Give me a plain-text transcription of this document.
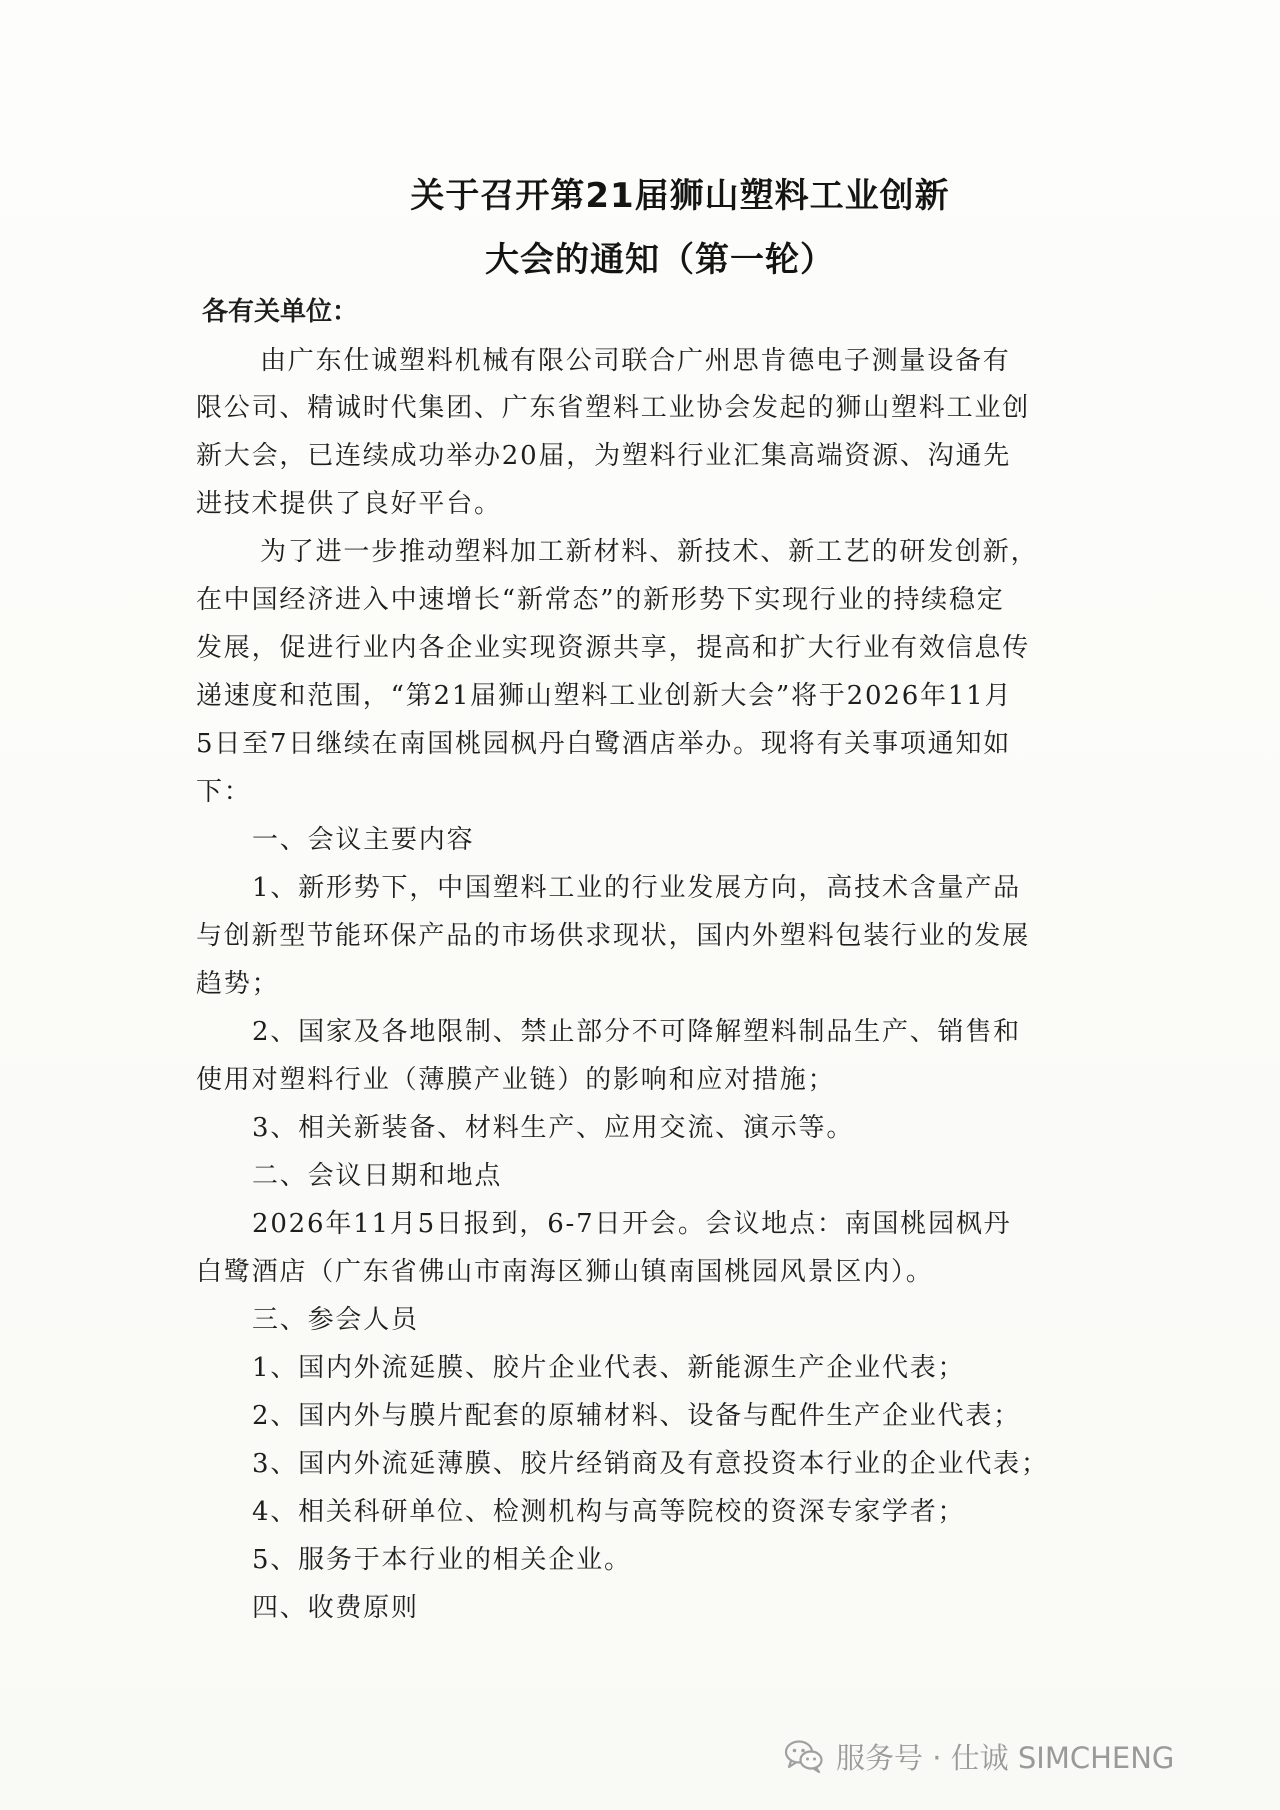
关于召开第21届狮山塑料工业创新
大会的通知（第一轮）
各有关单位：
由广东仕诚塑料机械有限公司联合广州思肯德电子测量设备有
限公司、精诚时代集团、广东省塑料工业协会发起的狮山塑料工业创
新大会，已连续成功举办20届，为塑料行业汇集高端资源、沟通先
进技术提供了良好平台。
为了进一步推动塑料加工新材料、新技术、新工艺的研发创新，
在中国经济进入中速增长“新常态”的新形势下实现行业的持续稳定
发展，促进行业内各企业实现资源共享，提高和扩大行业有效信息传
递速度和范围，“第21届狮山塑料工业创新大会”将于2026年11月
5日至7日继续在南国桃园枫丹白鹭酒店举办。现将有关事项通知如
下：
一、会议主要内容
1、新形势下，中国塑料工业的行业发展方向，高技术含量产品
与创新型节能环保产品的市场供求现状，国内外塑料包装行业的发展
趋势；
2、国家及各地限制、禁止部分不可降解塑料制品生产、销售和
使用对塑料行业（薄膜产业链）的影响和应对措施；
3、相关新装备、材料生产、应用交流、演示等。
二、会议日期和地点
2026年11月5日报到，6-7日开会。会议地点：南国桃园枫丹
白鹭酒店（广东省佛山市南海区狮山镇南国桃园风景区内）。
三、参会人员
1、国内外流延膜、胶片企业代表、新能源生产企业代表；
2、国内外与膜片配套的原辅材料、设备与配件生产企业代表；
3、国内外流延薄膜、胶片经销商及有意投资本行业的企业代表；
4、相关科研单位、检测机构与高等院校的资深专家学者；
5、服务于本行业的相关企业。
四、收费原则
服务号 · 仕诚 SIMCHENG
